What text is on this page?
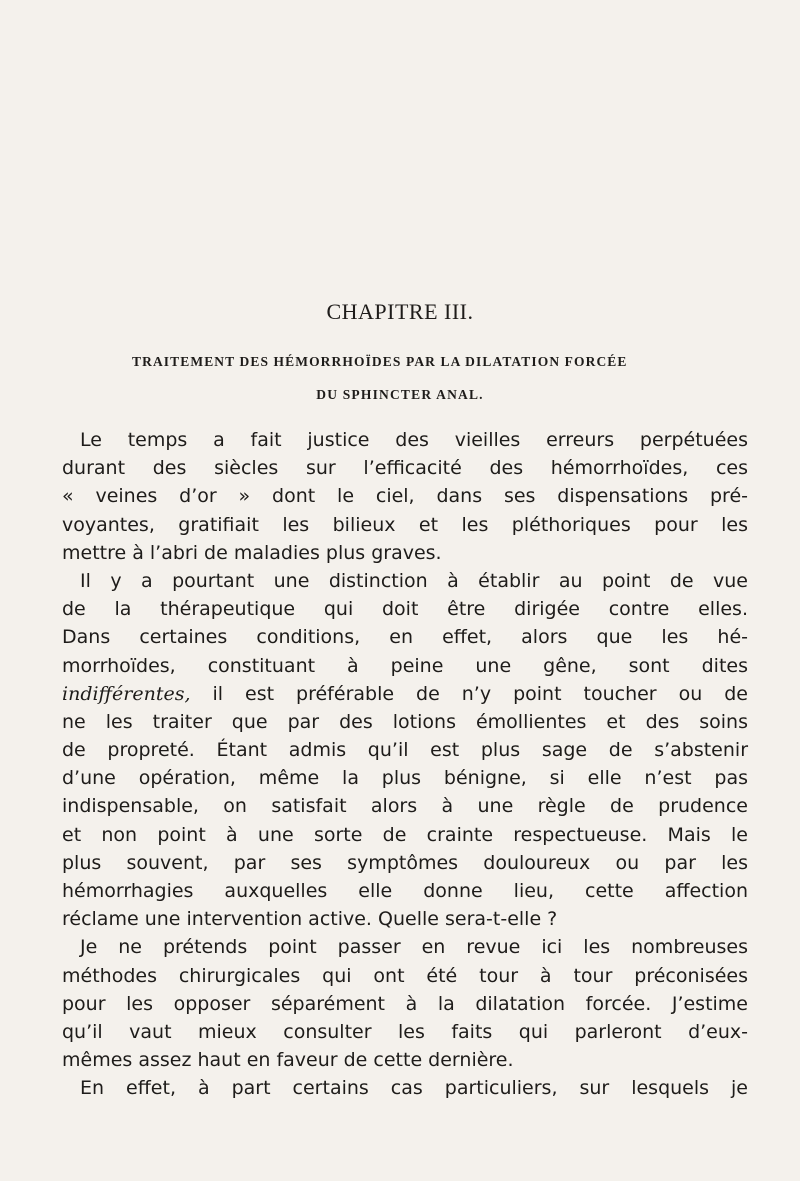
CHAPITRE III.
TRAITEMENT DES HÉMORRHOÏDES PAR LA DILATATION FORCÉE
DU SPHINCTER ANAL.
Le temps a fait justice des vieilles erreurs perpétuées
durant des siècles sur l’efficacité des hémorrhoïdes, ces
« veines d’or » dont le ciel, dans ses dispensations pré-
voyantes, gratifiait les bilieux et les pléthoriques pour les
mettre à l’abri de maladies plus graves.
Il y a pourtant une distinction à établir au point de vue
de la thérapeutique qui doit être dirigée contre elles.
Dans certaines conditions, en effet, alors que les hé-
morrhoïdes, constituant à peine une gêne, sont dites
indifférentes, il est préférable de n’y point toucher ou de
ne les traiter que par des lotions émollientes et des soins
de propreté. Étant admis qu’il est plus sage de s’abstenir
d’une opération, même la plus bénigne, si elle n’est pas
indispensable, on satisfait alors à une règle de prudence
et non point à une sorte de crainte respectueuse. Mais le
plus souvent, par ses symptômes douloureux ou par les
hémorrhagies auxquelles elle donne lieu, cette affection
réclame une intervention active. Quelle sera-t-elle ?
Je ne prétends point passer en revue ici les nombreuses
méthodes chirurgicales qui ont été tour à tour préconisées
pour les opposer séparément à la dilatation forcée. J’estime
qu’il vaut mieux consulter les faits qui parleront d’eux-
mêmes assez haut en faveur de cette dernière.
En effet, à part certains cas particuliers, sur lesquels je
